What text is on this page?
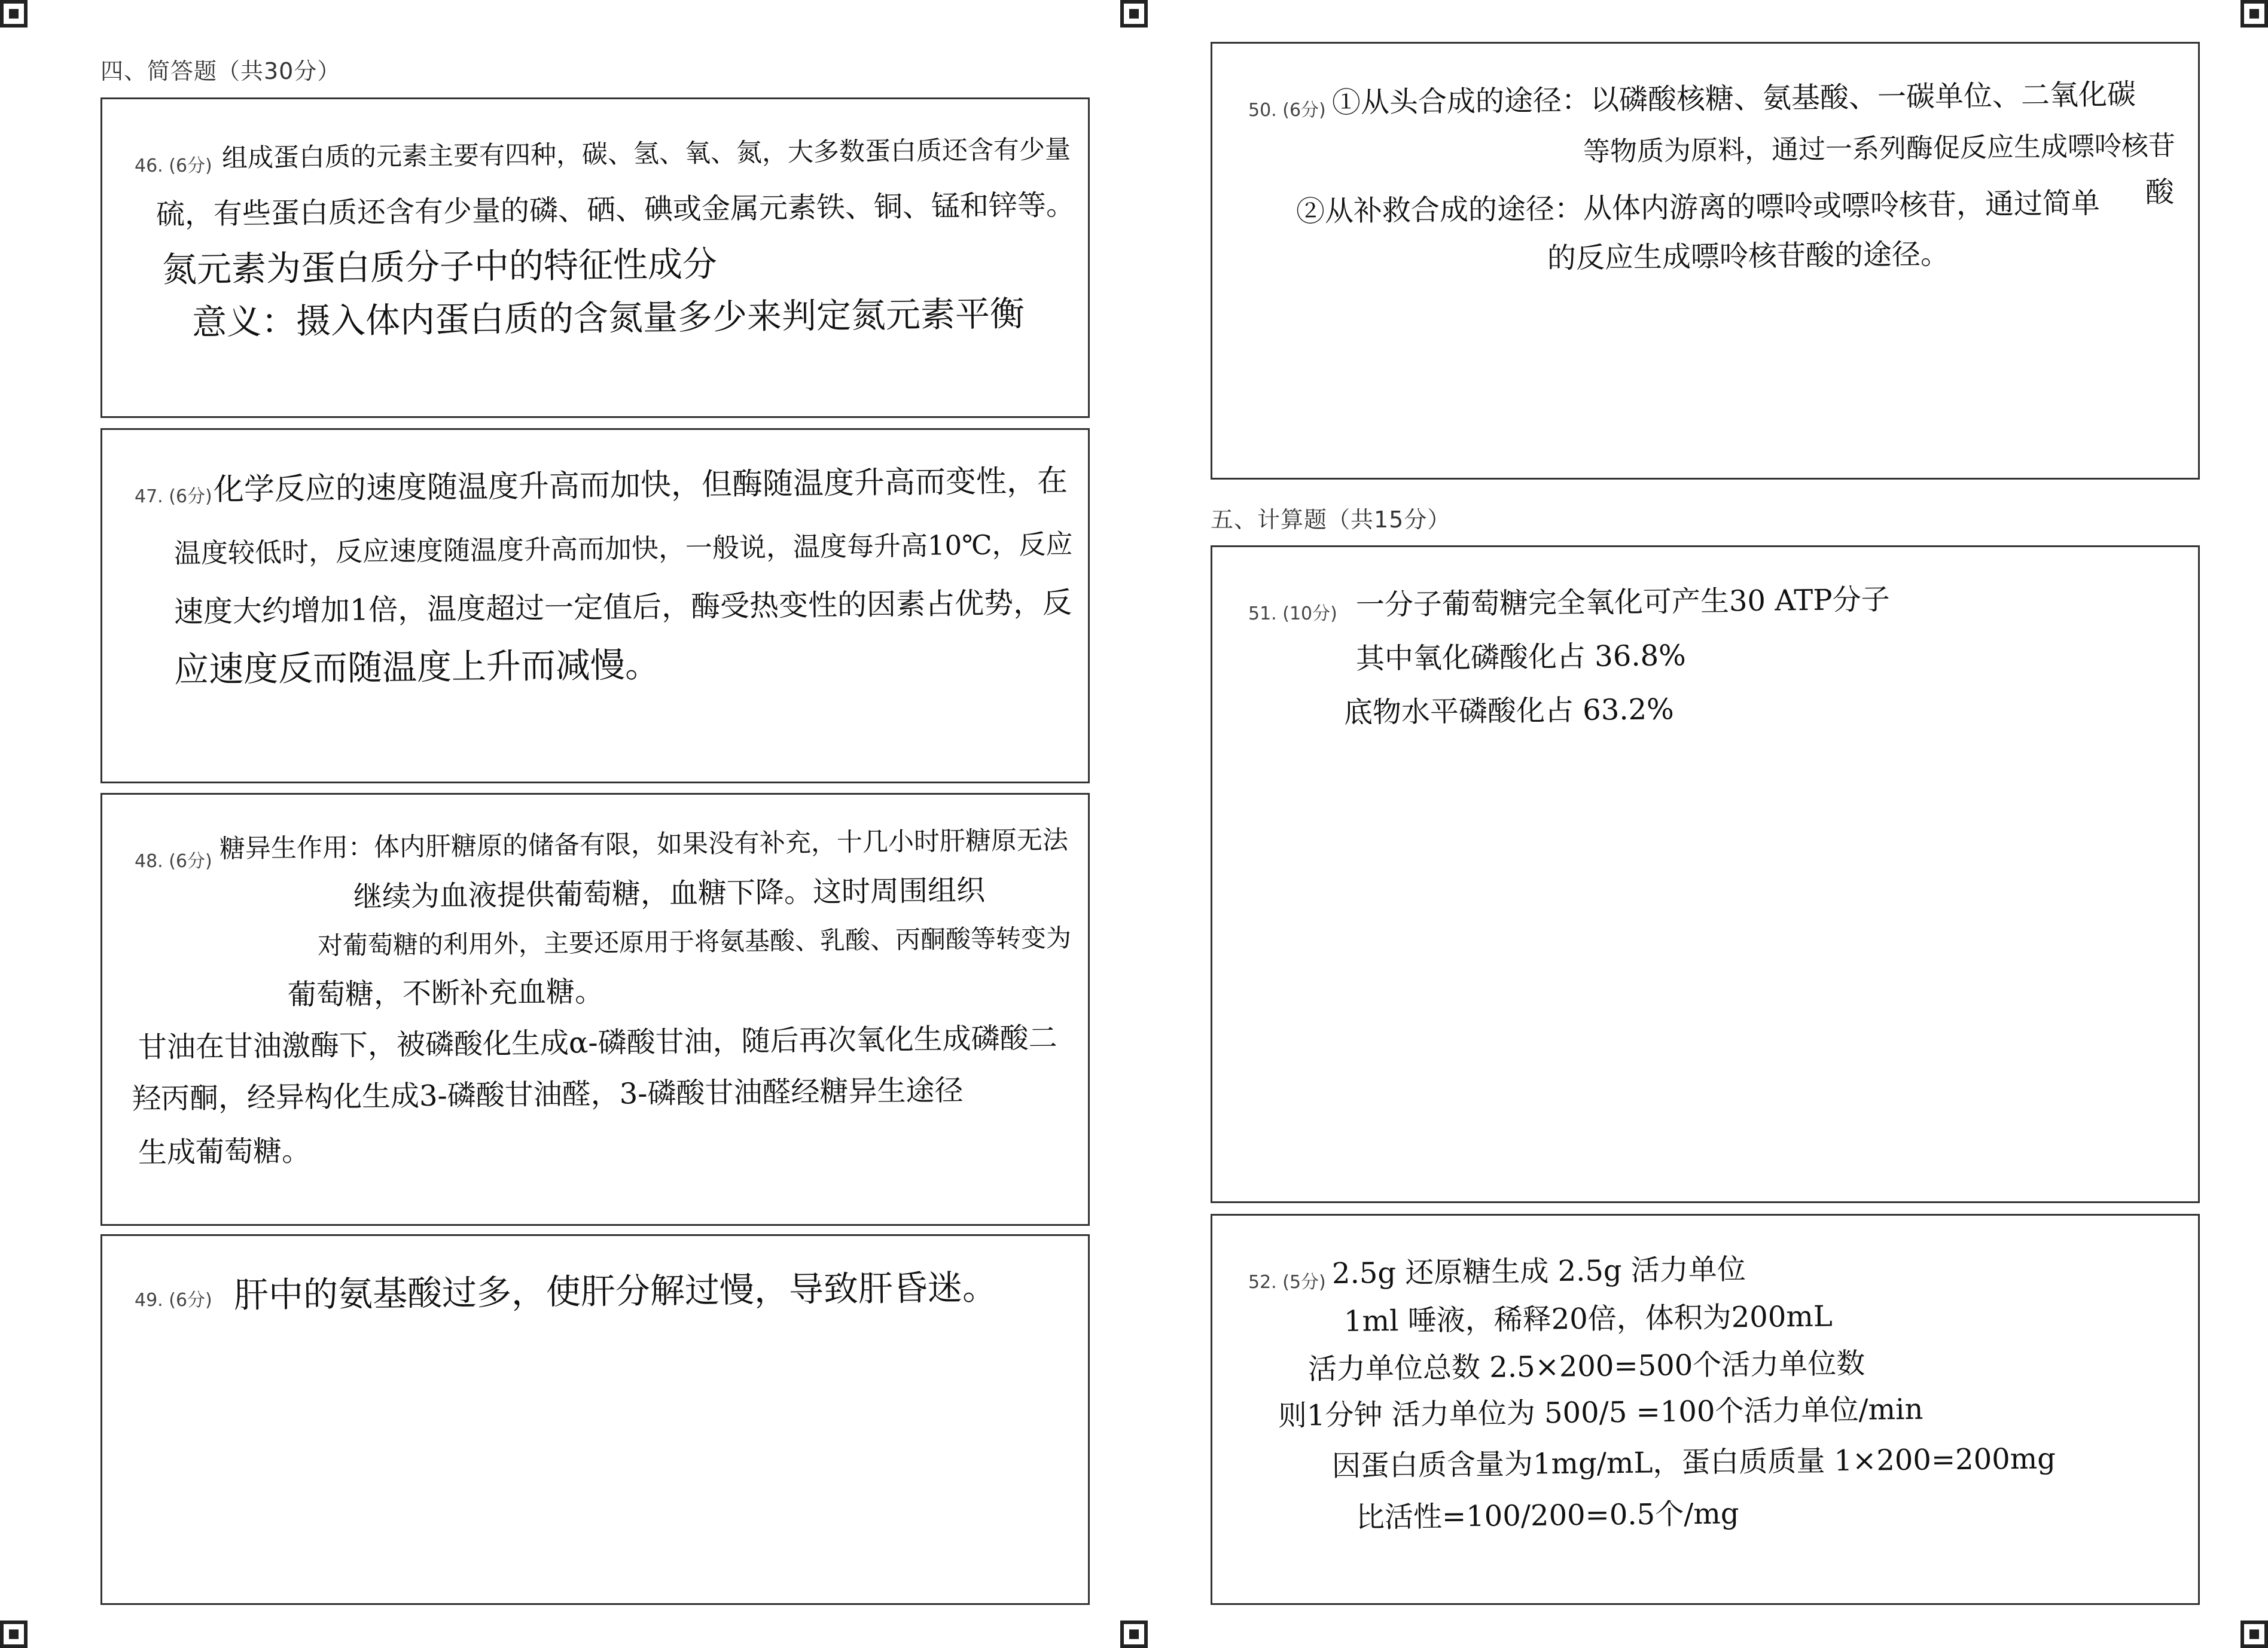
四、简答题（共30分）
46. (6分) 组成蛋白质的元素主要有四种，碳、氢、氧、氮，大多数蛋白质还含有少量
硫，有些蛋白质还含有少量的磷、硒、碘或金属元素铁、铜、锰和锌等。
氮元素为蛋白质分子中的特征性成分
意义：摄入体内蛋白质的含氮量多少来判定氮元素平衡
47. (6分) 化学反应的速度随温度升高而加快，但酶随温度升高而变性，在
温度较低时，反应速度随温度升高而加快，一般说，温度每升高10℃，反应
速度大约增加1倍，温度超过一定值后，酶受热变性的因素占优势，反
应速度反而随温度上升而减慢。
48. (6分) 糖异生作用：体内肝糖原的储备有限，如果没有补充，十几小时肝糖原无法
继续为血液提供葡萄糖，血糖下降。这时周围组织
对葡萄糖的利用外，主要还原用于将氨基酸、乳酸、丙酮酸等转变为
葡萄糖，不断补充血糖。
甘油在甘油激酶下，被磷酸化生成α-磷酸甘油，随后再次氧化生成磷酸二
羟丙酮，经异构化生成3-磷酸甘油醛，3-磷酸甘油醛经糖异生途径
生成葡萄糖。
49. (6分) 肝中的氨基酸过多，使肝分解过慢，导致肝昏迷。
50. (6分) ①从头合成的途径：以磷酸核糖、氨基酸、一碳单位、二氧化碳
等物质为原料，通过一系列酶促反应生成嘌呤核苷
酸
②从补救合成的途径：从体内游离的嘌呤或嘌呤核苷，通过简单
的反应生成嘌呤核苷酸的途径。
五、计算题（共15分）
51. (10分) 一分子葡萄糖完全氧化可产生30 ATP分子
其中氧化磷酸化占 36.8%
底物水平磷酸化占 63.2%
52. (5分) 2.5g 还原糖生成 2.5g 活力单位
1ml 唾液，稀释20倍，体积为200mL
活力单位总数 2.5×200=500个活力单位数
则1分钟 活力单位为 500/5 =100个活力单位/min
因蛋白质含量为1mg/mL，蛋白质质量 1×200=200mg
比活性=100/200=0.5个/mg
